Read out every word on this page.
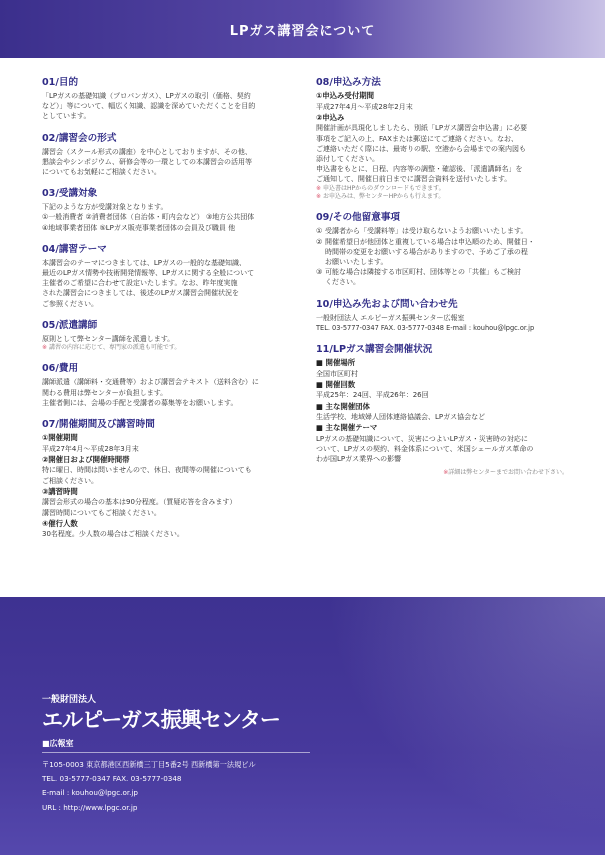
LPガス講習会について
01/目的
「LPガスの基礎知識（プロパンガス）、LPガスの取引（価格、契約
など）」等について、幅広く知識、認識を深めていただくことを目的
としています。
02/講習会の形式
講習会（スクール形式の講座）を中心としておりますが、その他、
懇談会やシンポジウム、研修会等の一環としての本講習会の活用等
についてもお気軽にご相談ください。
03/受講対象
下記のような方が受講対象となります。
①一般消費者 ②消費者団体（自治体・町内会など） ③地方公共団体
④地域事業者団体 ⑤LPガス販売事業者団体の会員及び職員 他
04/講習テーマ
本講習会のテーマにつきましては、LPガスの一般的な基礎知識、
最近のLPガス情勢や技術開発情報等、LPガスに関する全般について
主催者のご希望に合わせて設定いたします。なお、昨年度実施
された講習会につきましては、後述のLPガス講習会開催状況を
ご参照ください。
05/派遣講師
原則として弊センター講師を派遣します。
※ 講習の内容に応じて、専門家の派遣も可能です。
06/費用
講師派遣（講師料・交通費等）および講習会テキスト（送料含む）に
関わる費用は弊センターが負担します。
主催者側には、会場の手配と受講者の募集等をお願いします。
07/開催期間及び講習時間
①開催期間
平成27年4月〜平成28年3月末
②開催日および開催時間帯
特に曜日、時間は問いませんので、休日、夜間等の開催についても
ご相談ください。
③講習時間
講習会形式の場合の基本は90分程度。（質疑応答を含みます）
講習時間についてもご相談ください。
④催行人数
30名程度。少人数の場合はご相談ください。
08/申込み方法
①申込み受付期間
平成27年4月〜平成28年2月末
②申込み
開催計画が具現化しましたら、別紙「LPガス講習会申込書」に必要
事項をご記入の上、FAXまたは郵送にてご連絡ください。なお、
ご連絡いただく際には、最寄りの駅、空港から会場までの案内図も
添付してください。
申込書をもとに、日程、内容等の調整・確認後、「派遣講師名」を
ご通知して、開催日前日までに講習会資料を送付いたします。
※ 申込書はHPからのダウンロードもできます。
※ お申込みは、弊センターHPからも行えます。
09/その他留意事項
① 受講者から「受講料等」は受け取らないようお願いいたします。
② 開催希望日が他団体と重複している場合は申込順のため、開催日・
時間帯の変更をお願いする場合がありますので、予めご了承の程
お願いいたします。
③ 可能な場合は隣接する市区町村、団体等との「共催」もご検討
ください。
10/申込み先および問い合わせ先
一般財団法人 エルピーガス振興センター広報室
TEL. 03-5777-0347 FAX. 03-5777-0348 E-mail : kouhou@lpgc.or.jp
11/LPガス講習会開催状況
■ 開催場所
全国市区町村
■ 開催回数
平成25年：24回、平成26年：26回
■ 主な開催団体
生活学校、地域婦人団体連絡協議会、LPガス協会など
■ 主な開催テーマ
LPガスの基礎知識について、災害につよいLPガス・災害時の対応に
ついて、LPガスの契約、料金体系について、米国シェールガス革命の
わが国LPガス業界への影響
※詳細は弊センターまでお問い合わせ下さい。
一般財団法人
エルピーガス振興センター
■広報室
〒105-0003 東京都港区西新橋三丁目5番2号 西新橋第一法規ビル
TEL. 03-5777-0347 FAX. 03-5777-0348
E-mail : kouhou@lpgc.or.jp
URL : http://www.lpgc.or.jp
